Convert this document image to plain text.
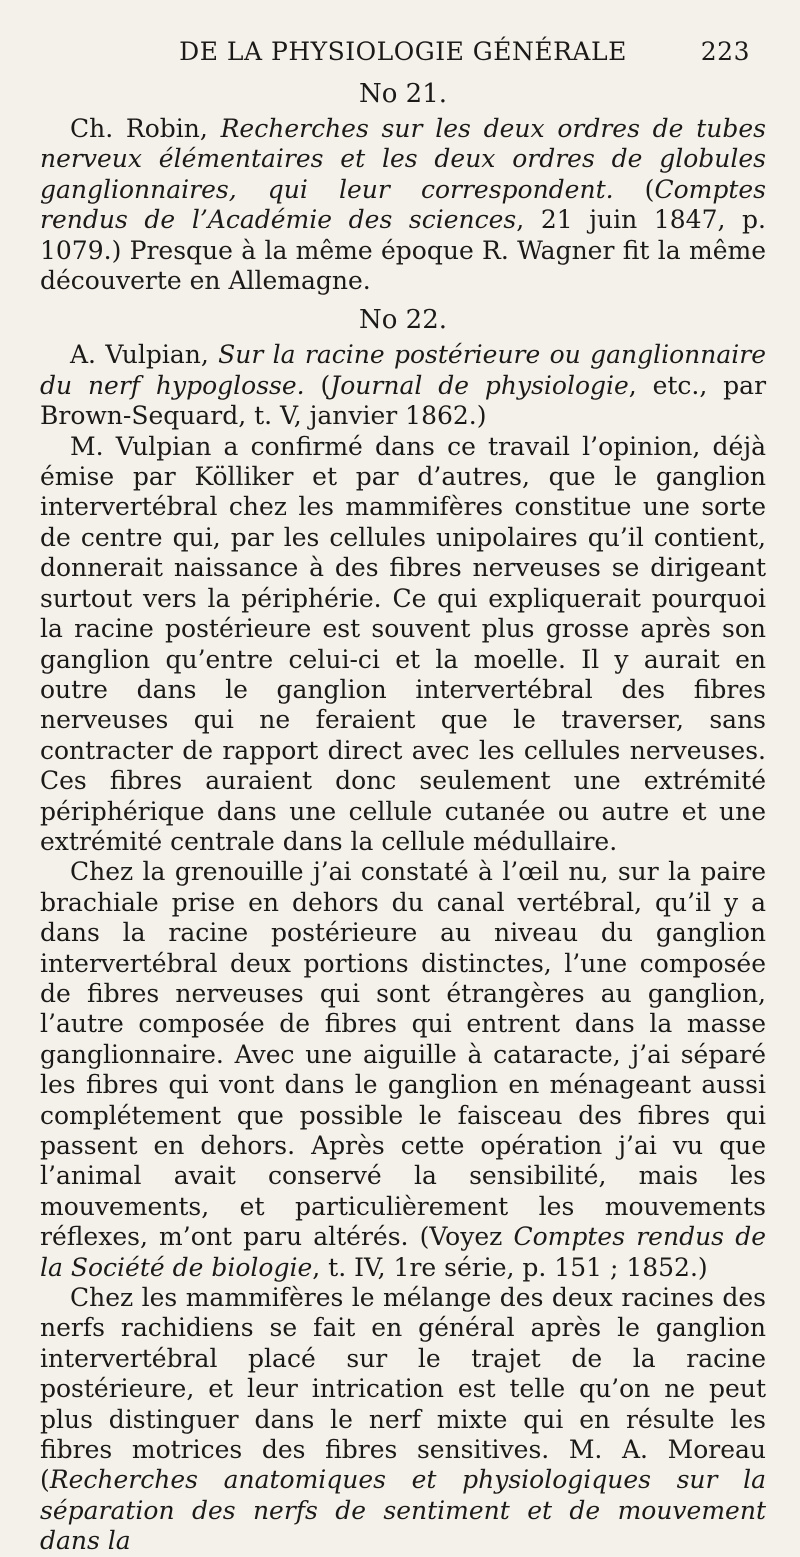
DE LA PHYSIOLOGIE GÉNÉRALE	223
No 21.

Ch. Robin, Recherches sur les deux ordres de tubes nerveux élémentaires et les deux ordres de globules ganglionnaires, qui leur correspondent. (Comptes rendus de l’Académie des sciences, 21 juin 1847, p. 1079.) Presque à la même époque R. Wagner fit la même découverte en Allemagne.

No 22.

A. Vulpian, Sur la racine postérieure ou ganglionnaire du nerf hypoglosse. (Journal de physiologie, etc., par Brown-Sequard, t. V, janvier 1862.)

M. Vulpian a confirmé dans ce travail l’opinion, déjà émise par Kölliker et par d’autres, que le ganglion intervertébral chez les mammifères constitue une sorte de centre qui, par les cellules unipolaires qu’il contient, donnerait naissance à des fibres nerveuses se dirigeant surtout vers la périphérie. Ce qui expliquerait pourquoi la racine postérieure est souvent plus grosse après son ganglion qu’entre celui-ci et la moelle. Il y aurait en outre dans le ganglion intervertébral des fibres nerveuses qui ne feraient que le traverser, sans contracter de rapport direct avec les cellules nerveuses. Ces fibres auraient donc seulement une extrémité périphérique dans une cellule cutanée ou autre et une extrémité centrale dans la cellule médullaire.

Chez la grenouille j’ai constaté à l’œil nu, sur la paire brachiale prise en dehors du canal vertébral, qu’il y a dans la racine postérieure au niveau du ganglion intervertébral deux portions distinctes, l’une composée de fibres nerveuses qui sont étrangères au ganglion, l’autre composée de fibres qui entrent dans la masse ganglionnaire. Avec une aiguille à cataracte, j’ai séparé les fibres qui vont dans le ganglion en ménageant aussi complétement que possible le faisceau des fibres qui passent en dehors. Après cette opération j’ai vu que l’animal avait conservé la sensibilité, mais les mouvements, et particulièrement les mouvements réflexes, m’ont paru altérés. (Voyez Comptes rendus de la Société de biologie, t. IV, 1re série, p. 151 ; 1852.)

Chez les mammifères le mélange des deux racines des nerfs rachidiens se fait en général après le ganglion intervertébral placé sur le trajet de la racine postérieure, et leur intrication est telle qu’on ne peut plus distinguer dans le nerf mixte qui en résulte les fibres motrices des fibres sensitives. M. A. Moreau (Recherches anatomiques et physiologiques sur la séparation des nerfs de sentiment et de mouvement dans la
